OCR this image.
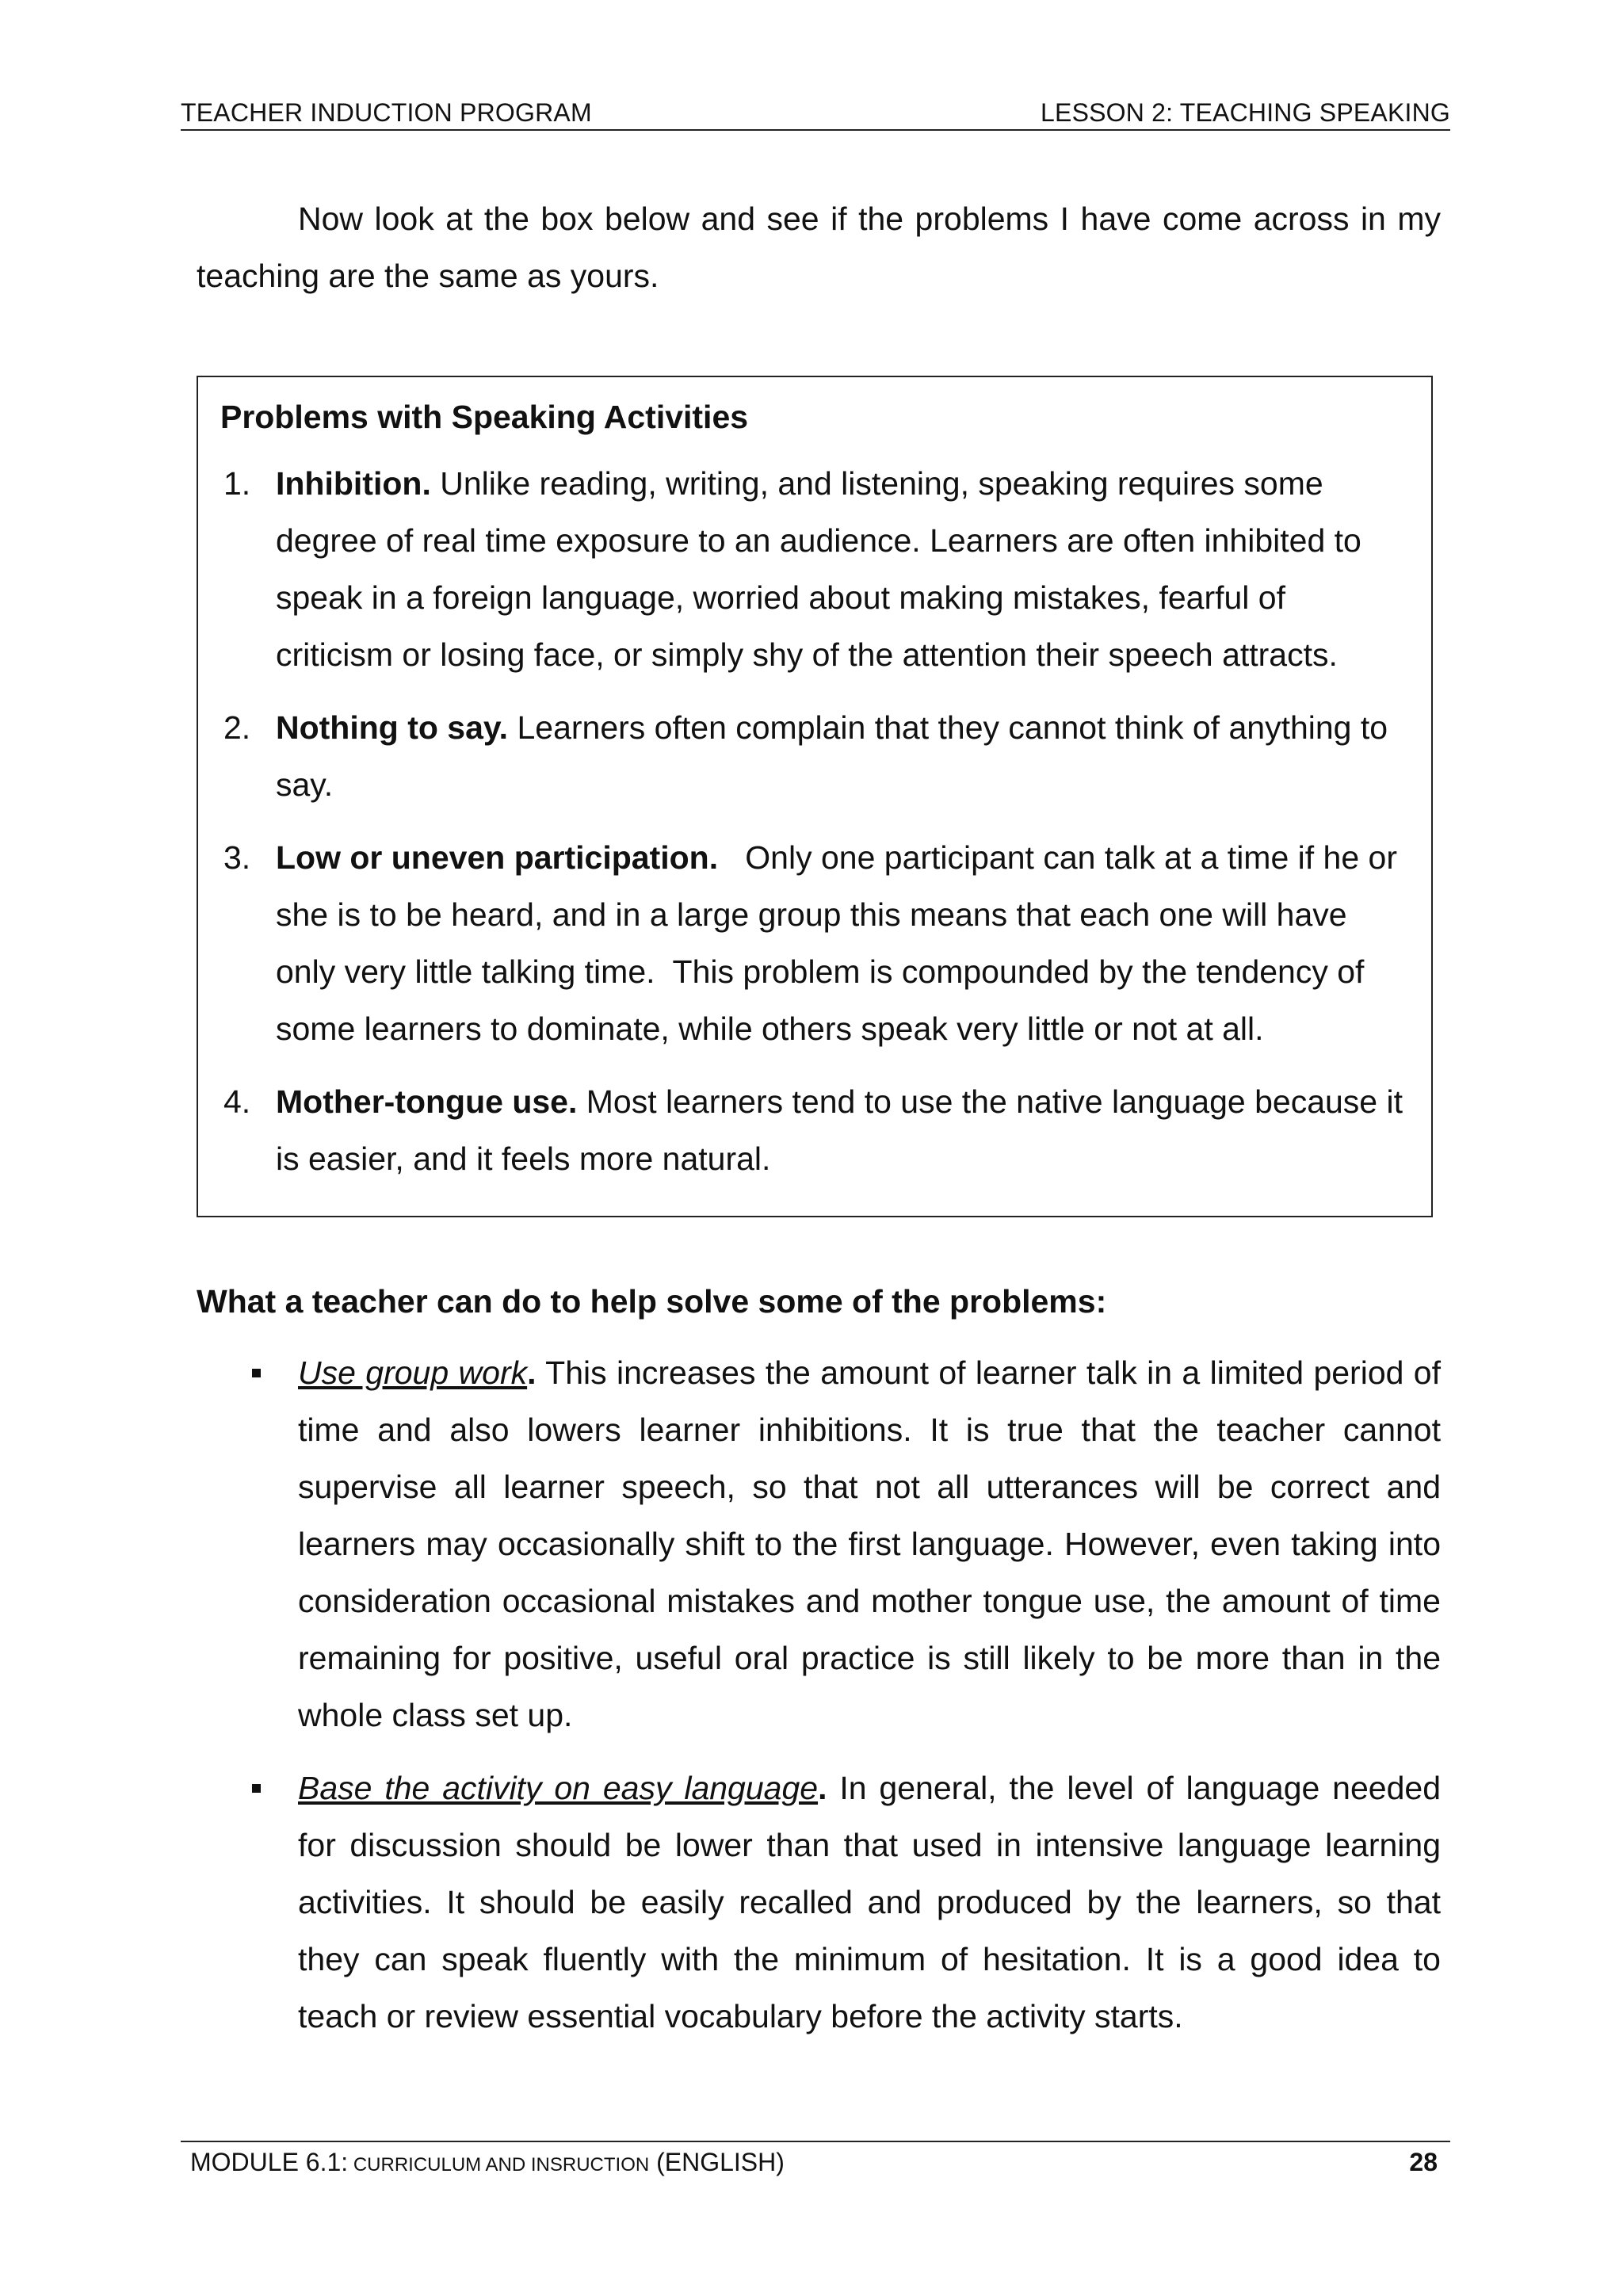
TEACHER INDUCTION PROGRAM	LESSON 2: TEACHING SPEAKING

Now look at the box below and see if the problems I have come across in my teaching are the same as yours.

Problems with Speaking Activities
1. Inhibition. Unlike reading, writing, and listening, speaking requires some degree of real time exposure to an audience. Learners are often inhibited to speak in a foreign language, worried about making mistakes, fearful of criticism or losing face, or simply shy of the attention their speech attracts.
2. Nothing to say. Learners often complain that they cannot think of anything to say.
3. Low or uneven participation.   Only one participant can talk at a time if he or she is to be heard, and in a large group this means that each one will have only very little talking time.  This problem is compounded by the tendency of some learners to dominate, while others speak very little or not at all.
4. Mother-tongue use. Most learners tend to use the native language because it is easier, and it feels more natural.
What a teacher can do to help solve some of the problems:
Use group work. This increases the amount of learner talk in a limited period of time and also lowers learner inhibitions. It is true that the teacher cannot supervise all learner speech, so that not all utterances will be correct and learners may occasionally shift to the first language. However, even taking into consideration occasional mistakes and mother tongue use, the amount of time remaining for positive, useful oral practice is still likely to be more than in the whole class set up.
Base the activity on easy language. In general, the level of language needed for discussion should be lower than that used in intensive language learning activities. It should be easily recalled and produced by the learners, so that they can speak fluently with the minimum of hesitation. It is a good idea to teach or review essential vocabulary before the activity starts.
MODULE 6.1: CURRICULUM AND INSRUCTION (ENGLISH)	28
